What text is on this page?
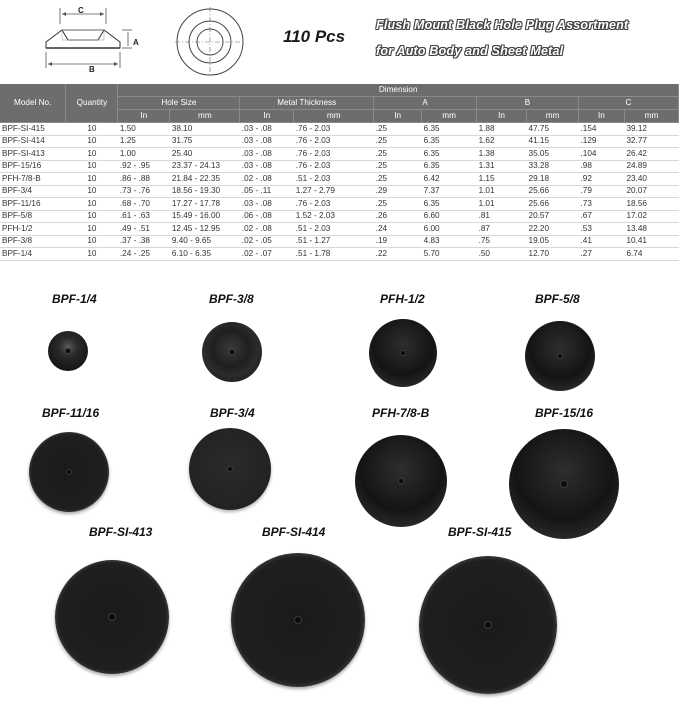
C
A
B
110 Pcs
Flush Mount Black Hole Plug Assortment
for Auto Body and Sheet Metal
Model No.	Quantity	Dimension									
		Hole Size		Metal Thickness		A		B		C	
		In	mm	In	mm	In	mm	In	mm	In	mm
BPF-SI-415	10	1.50	38.10	.03 - .08	.76 - 2.03	.25	6.35	1.88	47.75	.154	39.12
BPF-SI-414	10	1.25	31.75	.03 - .08	.76 - 2.03	.25	6.35	1.62	41.15	.129	32.77
BPF-SI-413	10	1.00	25.40	.03 - .08	.76 - 2.03	.25	6.35	1.38	35.05	.104	26.42
BPF-15/16	10	.92 - .95	23.37 - 24.13	.03 - .08	.76 - 2.03	.25	6.35	1.31	33.28	.98	24.89
PFH-7/8-B	10	.86 - .88	21.84 - 22.35	.02 - .08	.51 - 2.03	.25	6.42	1.15	29.18	.92	23.40
BPF-3/4	10	.73 - .76	18.56 - 19.30	.05 - .11	1.27 - 2.79	.29	7.37	1.01	25.66	.79	20.07
BPF-11/16	10	.68 - .70	17.27 - 17.78	.03 - .08	.76 - 2.03	.25	6.35	1.01	25.66	.73	18.56
BPF-5/8	10	.61 - .63	15.49 - 16.00	.06 - .08	1.52 - 2.03	.26	6.60	.81	20.57	.67	17.02
PFH-1/2	10	.49 - .51	12.45 - 12.95	.02 - .08	.51 - 2.03	.24	6.00	.87	22.20	.53	13.48
BPF-3/8	10	.37 - .38	9.40 - 9.65	.02 - .05	.51 - 1.27	.19	4.83	.75	19.05	.41	10.41
BPF-1/4	10	.24 - .25	6.10 - 6.35	.02 - .07	.51 - 1.78	.22	5.70	.50	12.70	.27	6.74
BPF-1/4	BPF-3/8	PFH-1/2	BPF-5/8
BPF-11/16	BPF-3/4	PFH-7/8-B	BPF-15/16
BPF-SI-413	BPF-SI-414	BPF-SI-415
